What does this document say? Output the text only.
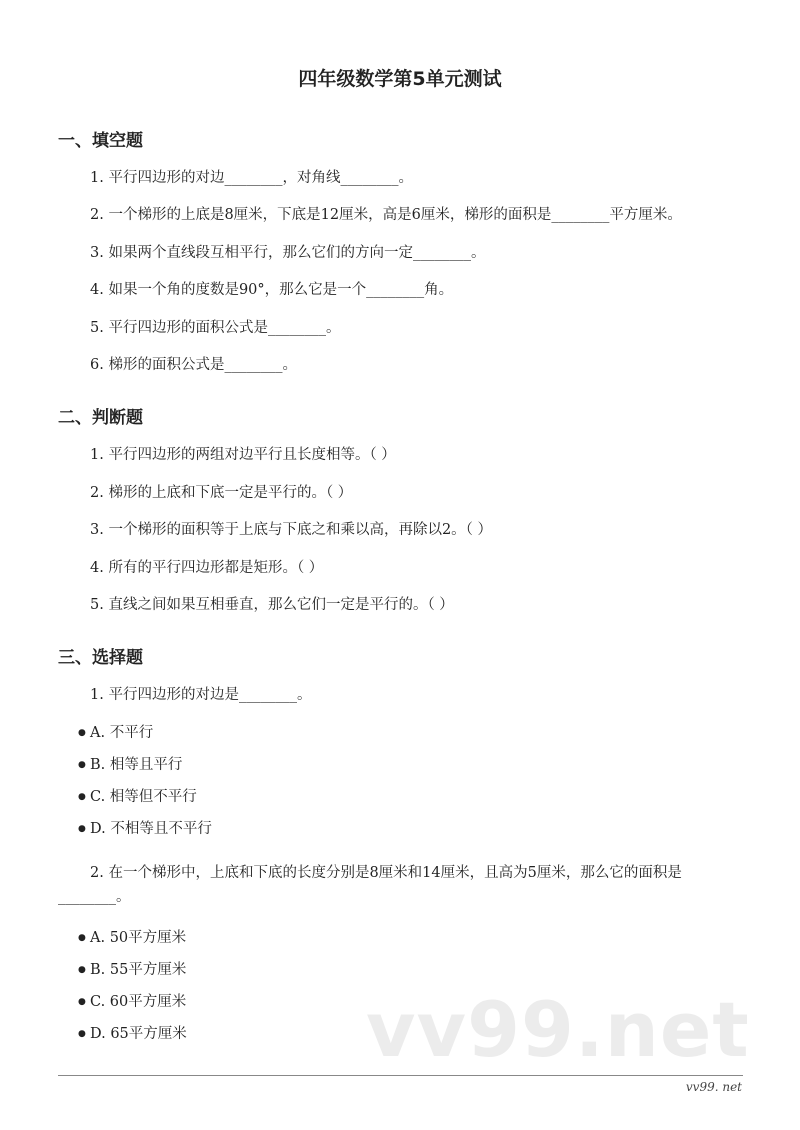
四年级数学第5单元测试
一、填空题
1. 平行四边形的对边________，对角线________。
2. 一个梯形的上底是8厘米，下底是12厘米，高是6厘米，梯形的面积是________平方厘米。
3. 如果两个直线段互相平行，那么它们的方向一定________。
4. 如果一个角的度数是90°，那么它是一个________角。
5. 平行四边形的面积公式是________。
6. 梯形的面积公式是________。
二、判断题
1. 平行四边形的两组对边平行且长度相等。（ ）
2. 梯形的上底和下底一定是平行的。（ ）
3. 一个梯形的面积等于上底与下底之和乘以高，再除以2。（ ）
4. 所有的平行四边形都是矩形。（ ）
5. 直线之间如果互相垂直，那么它们一定是平行的。（ ）
三、选择题
1. 平行四边形的对边是________。
● A. 不平行
● B. 相等且平行
● C. 相等但不平行
● D. 不相等且不平行
2. 在一个梯形中，上底和下底的长度分别是8厘米和14厘米，且高为5厘米，那么它的面积是________。
● A. 50平方厘米
● B. 55平方厘米
● C. 60平方厘米
● D. 65平方厘米 vv99.net
vv99. net
